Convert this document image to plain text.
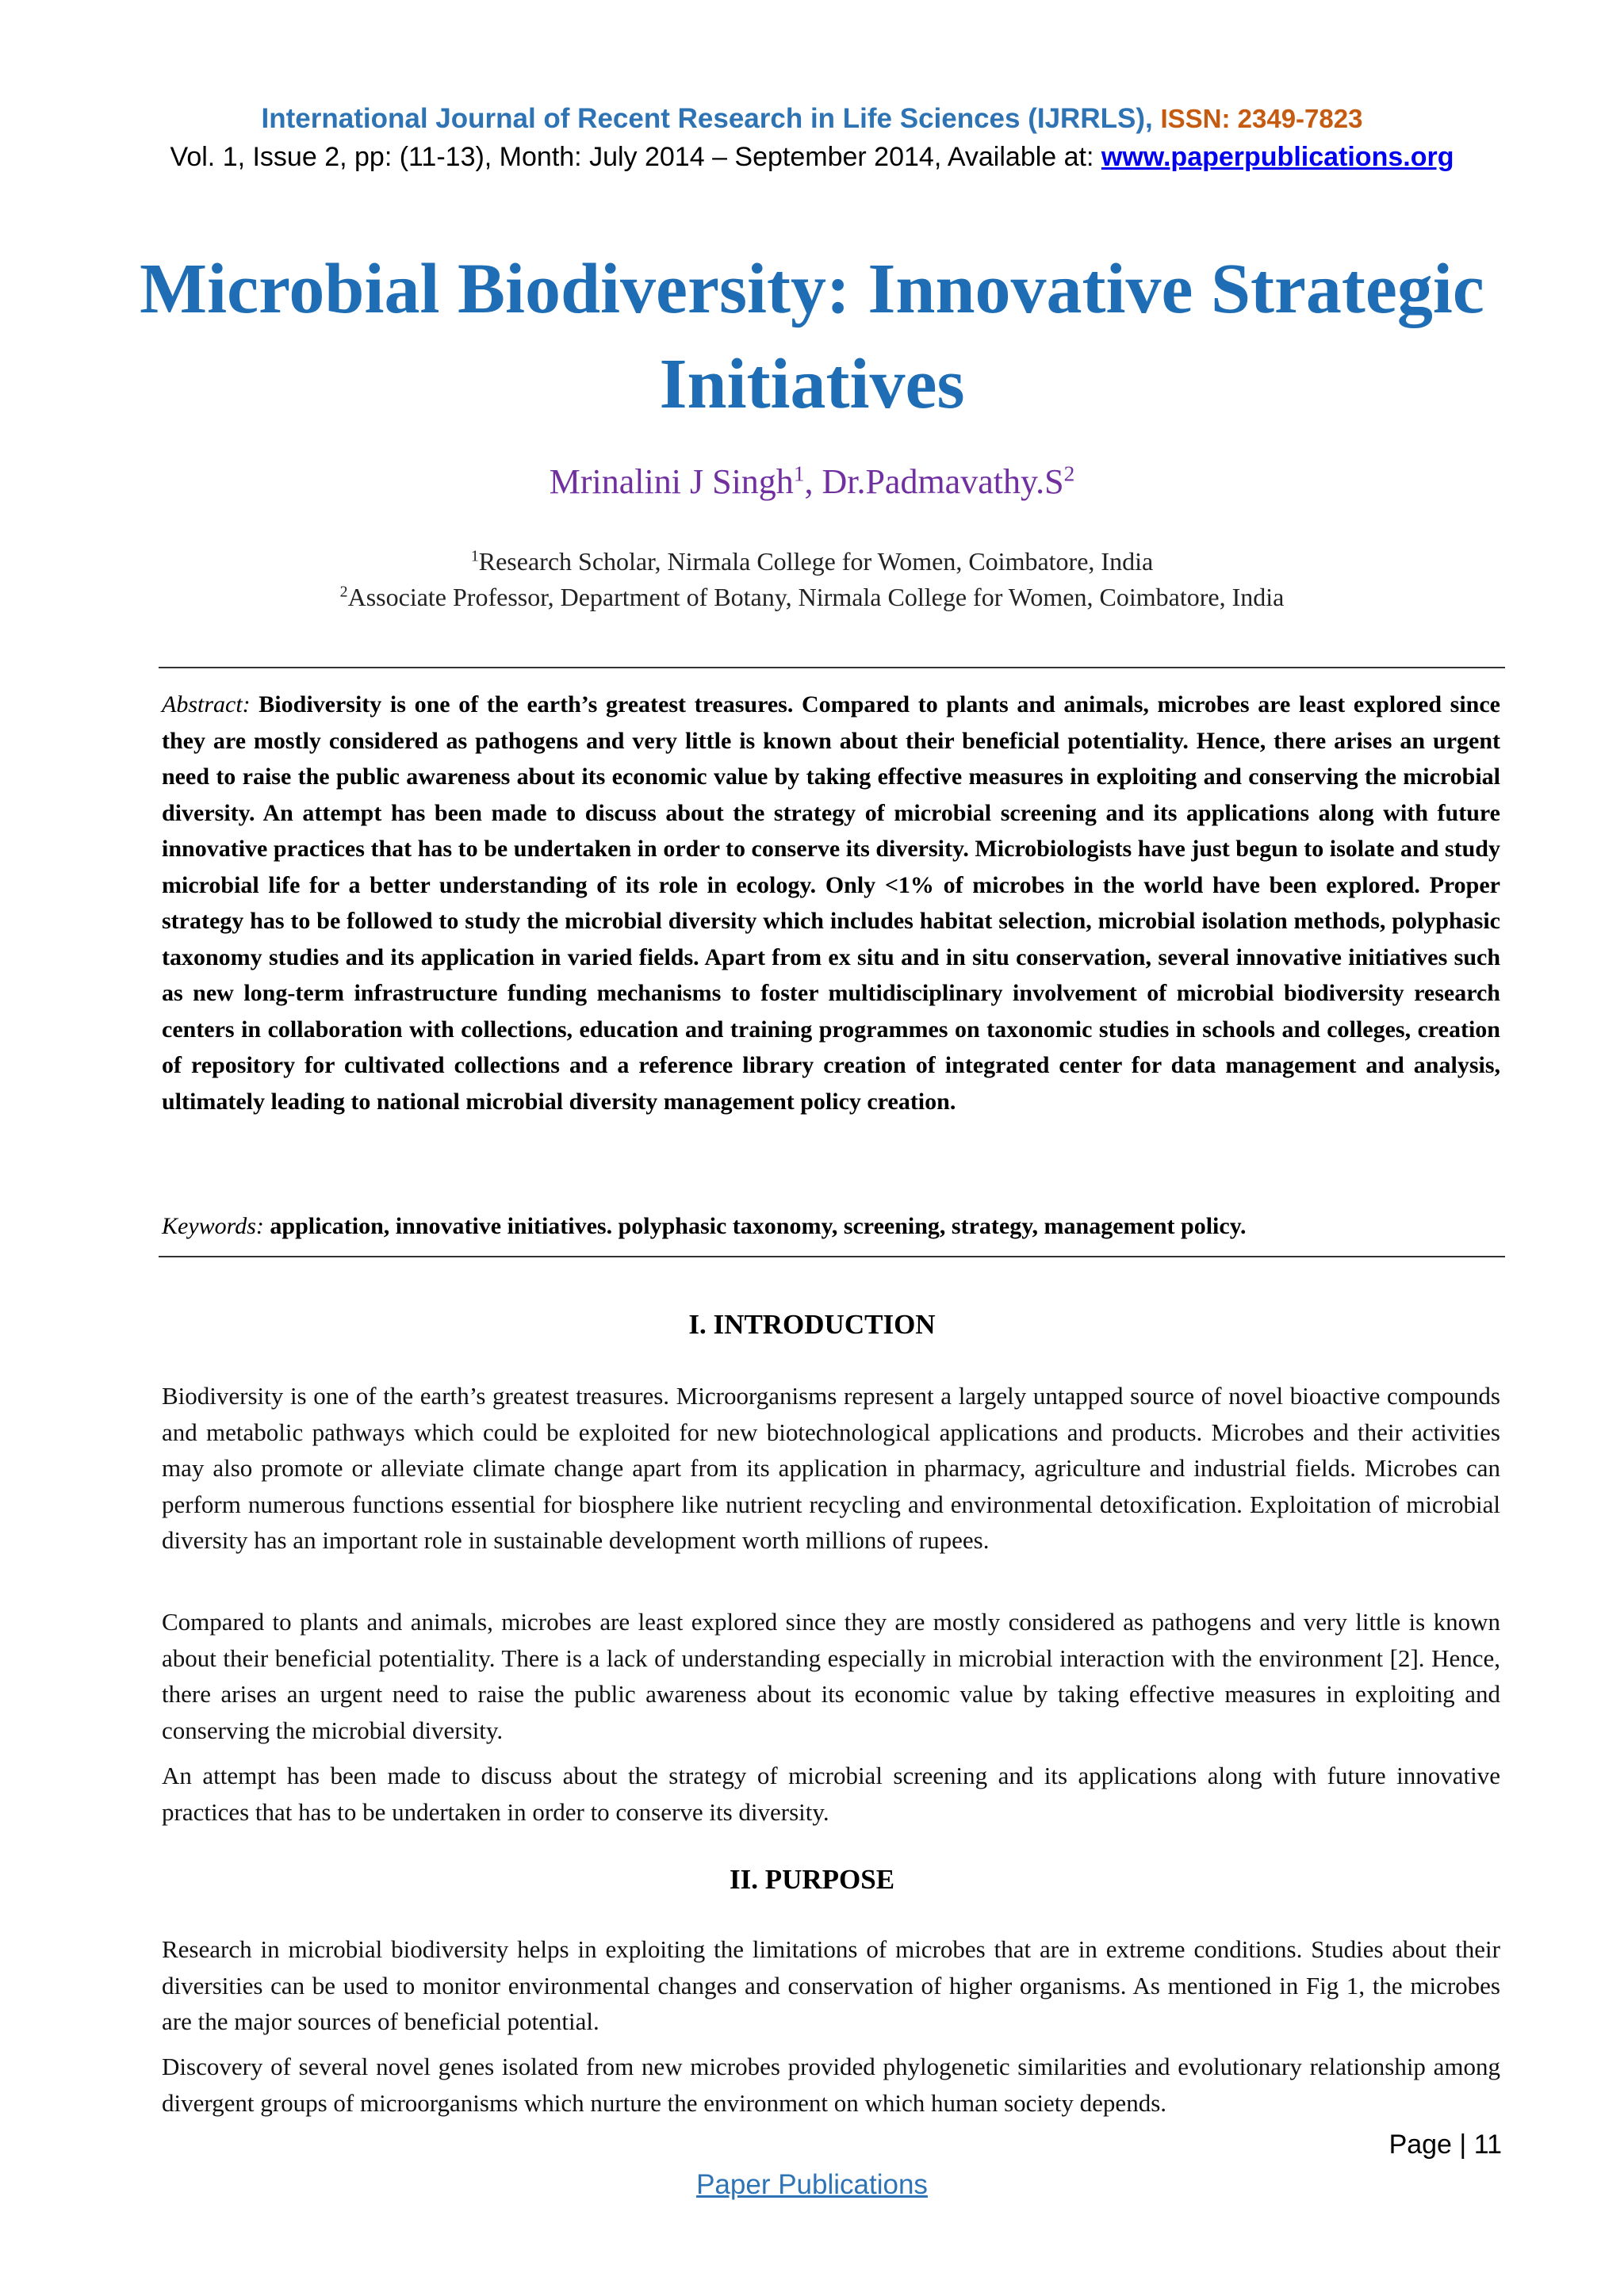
International Journal of Recent Research in Life Sciences (IJRRLS), ISSN: 2349-7823
Vol. 1, Issue 2, pp: (11-13), Month: July 2014 – September 2014, Available at: www.paperpublications.org
Microbial Biodiversity: Innovative Strategic Initiatives
Mrinalini J Singh$^1$, $Dr.Padmavathy.S^2$
$^1$Research Scholar, Nirmala College for Women, Coimbatore, India
$^2$Associate Professor, Department of Botany, Nirmala College for Women, Coimbatore, India

Abstract: Biodiversity is one of the earth’s greatest treasures. Compared to plants and animals, microbes are least explored since they are mostly considered as pathogens and very little is known about their beneficial potentiality. Hence, there arises an urgent need to raise the public awareness about its economic value by taking effective measures in exploiting and conserving the microbial diversity. An attempt has been made to discuss about the strategy of microbial screening and its applications along with future innovative practices that has to be undertaken in order to conserve its diversity. Microbiologists have just begun to isolate and study microbial life for a better understanding of its role in ecology. Only <1% of microbes in the world have been explored. Proper strategy has to be followed to study the microbial diversity which includes habitat selection, microbial isolation methods, polyphasic taxonomy studies and its application in varied fields. Apart from ex situ and in situ conservation, several innovative initiatives such as new long-term infrastructure funding mechanisms to foster multidisciplinary involvement of microbial biodiversity research centers in collaboration with collections, education and training programmes on taxonomic studies in schools and colleges, creation of repository for cultivated collections and a reference library creation of integrated center for data management and analysis, ultimately leading to national microbial diversity management policy creation.

Keywords: application, innovative initiatives. polyphasic taxonomy, screening, strategy, management policy.

I. INTRODUCTION

Biodiversity is one of the earth’s greatest treasures. Microorganisms represent a largely untapped source of novel bioactive compounds and metabolic pathways which could be exploited for new biotechnological applications and products. Microbes and their activities may also promote or alleviate climate change apart from its application in pharmacy, agriculture and industrial fields. Microbes can perform numerous functions essential for biosphere like nutrient recycling and environmental detoxification. Exploitation of microbial diversity has an important role in sustainable development worth millions of rupees.

Compared to plants and animals, microbes are least explored since they are mostly considered as pathogens and very little is known about their beneficial potentiality. There is a lack of understanding especially in microbial interaction with the environment [2]. Hence, there arises an urgent need to raise the public awareness about its economic value by taking effective measures in exploiting and conserving the microbial diversity.

An attempt has been made to discuss about the strategy of microbial screening and its applications along with future innovative practices that has to be undertaken in order to conserve its diversity.

II. PURPOSE

Research in microbial biodiversity helps in exploiting the limitations of microbes that are in extreme conditions. Studies about their diversities can be used to monitor environmental changes and conservation of higher organisms. As mentioned in Fig 1, the microbes are the major sources of beneficial potential.

Discovery of several novel genes isolated from new microbes provided phylogenetic similarities and evolutionary relationship among divergent groups of microorganisms which nurture the environment on which human society depends.

Page | 11
Paper Publications
